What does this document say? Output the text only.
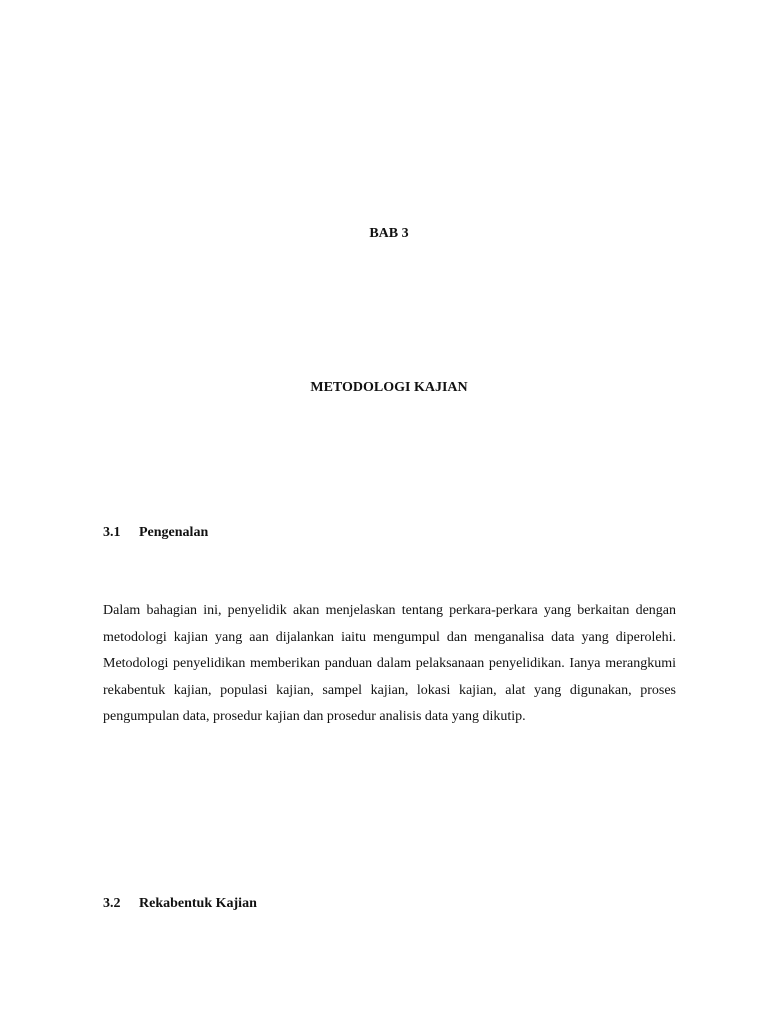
BAB 3
METODOLOGI KAJIAN
3.1 Pengenalan

Dalam bahagian ini, penyelidik akan menjelaskan tentang perkara-perkara yang berkaitan dengan metodologi kajian yang aan dijalankan iaitu mengumpul dan menganalisa data yang diperolehi. Metodologi penyelidikan memberikan panduan dalam pelaksanaan penyelidikan. Ianya merangkumi rekabentuk kajian, populasi kajian, sampel kajian, lokasi kajian, alat yang digunakan, proses pengumpulan data, prosedur kajian dan prosedur analisis data yang dikutip.

3.2 Rekabentuk Kajian
